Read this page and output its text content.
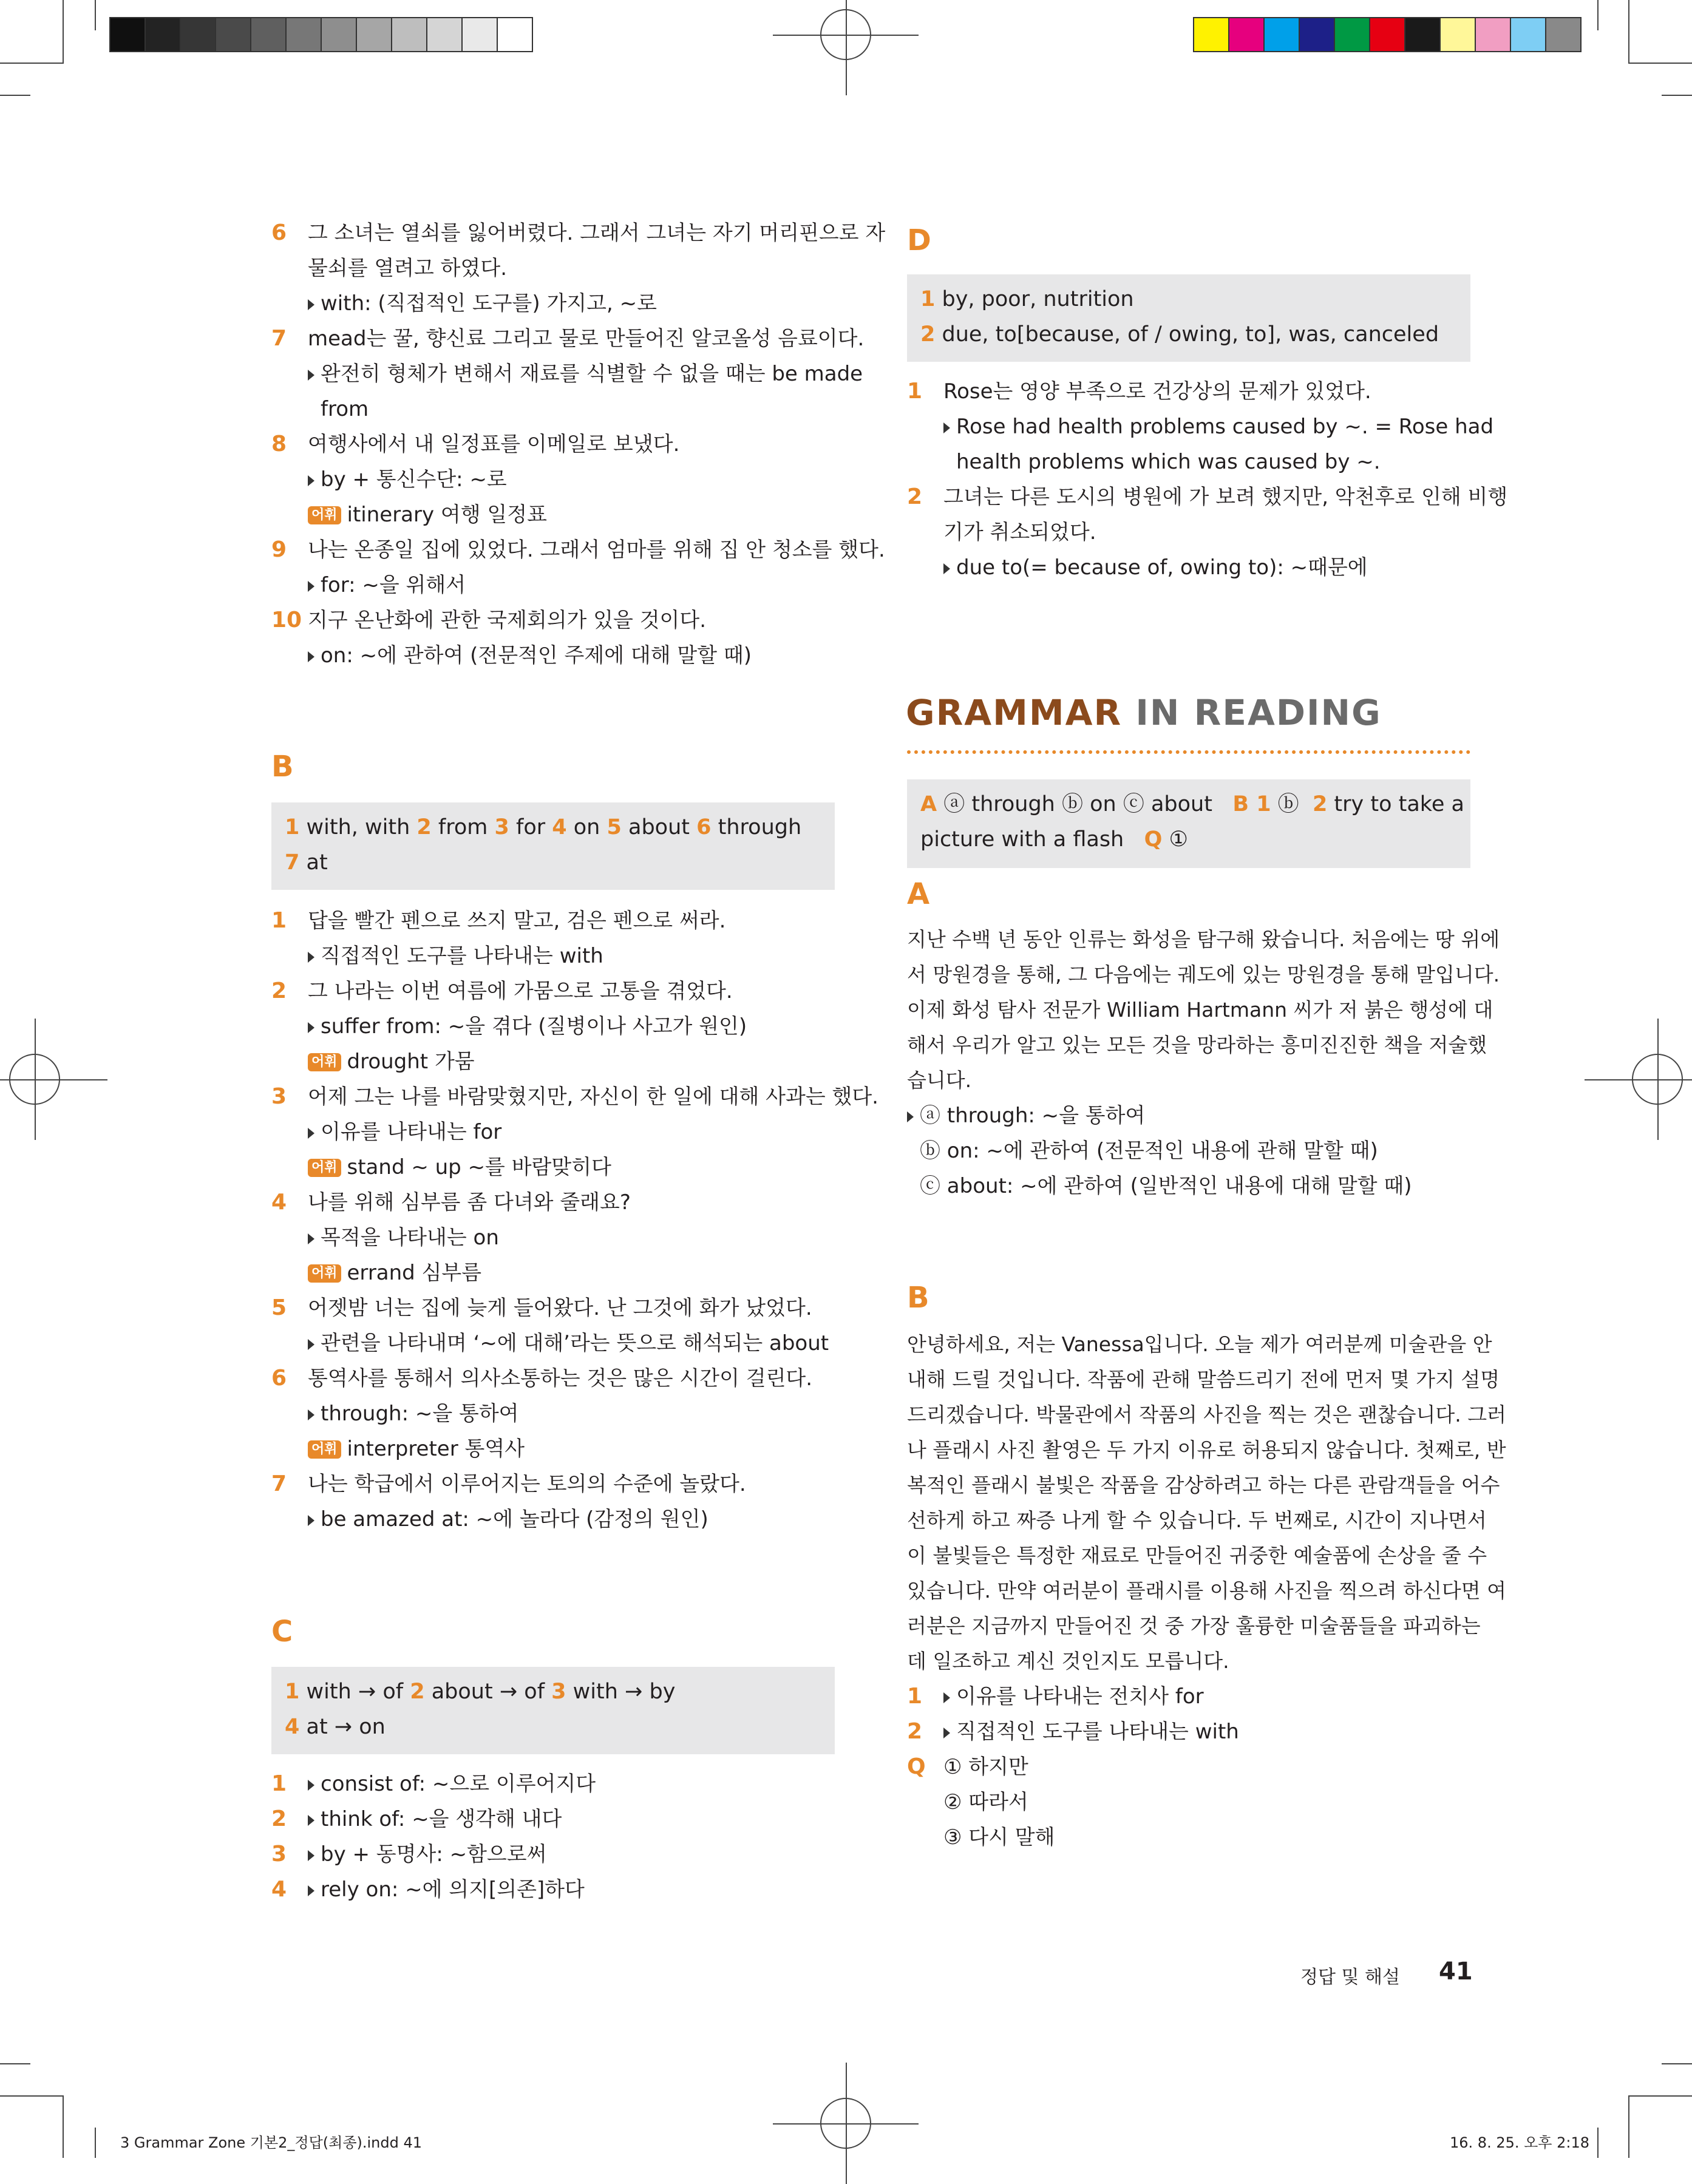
6 그 소녀는 열쇠를 잃어버렸다. 그래서 그녀는 자기 머리핀으로 자
물쇠를 열려고 하였다.
with: (직접적인 도구를) 가지고, ~로
7 mead는 꿀, 향신료 그리고 물로 만들어진 알코올성 음료이다.
완전히 형체가 변해서 재료를 식별할 수 없을 때는 be made
from
8 여행사에서 내 일정표를 이메일로 보냈다.
by + 통신수단: ~로
어휘 itinerary 여행 일정표
9 나는 온종일 집에 있었다. 그래서 엄마를 위해 집 안 청소를 했다.
for: ~을 위해서
10 지구 온난화에 관한 국제회의가 있을 것이다.
on: ~에 관하여 (전문적인 주제에 대해 말할 때)
B
1 with, with 2 from 3 for 4 on 5 about 6 through
7 at
1 답을 빨간 펜으로 쓰지 말고, 검은 펜으로 써라.
직접적인 도구를 나타내는 with
2 그 나라는 이번 여름에 가뭄으로 고통을 겪었다.
suffer from: ~을 겪다 (질병이나 사고가 원인)
어휘 drought 가뭄
3 어제 그는 나를 바람맞혔지만, 자신이 한 일에 대해 사과는 했다.
이유를 나타내는 for
어휘 stand ~ up ~를 바람맞히다
4 나를 위해 심부름 좀 다녀와 줄래요?
목적을 나타내는 on
어휘 errand 심부름
5 어젯밤 너는 집에 늦게 들어왔다. 난 그것에 화가 났었다.
관련을 나타내며 ‘~에 대해’라는 뜻으로 해석되는 about
6 통역사를 통해서 의사소통하는 것은 많은 시간이 걸린다.
through: ~을 통하여
어휘 interpreter 통역사
7 나는 학급에서 이루어지는 토의의 수준에 놀랐다.
be amazed at: ~에 놀라다 (감정의 원인)
C
1 with → of 2 about → of 3 with → by
4 at → on
1	consist of: ~으로 이루어지다
2	think of: ~을 생각해 내다
3	by + 동명사: ~함으로써
4	rely on: ~에 의지[의존]하다
D
1 by, poor, nutrition
2 due, to[because, of / owing, to], was, canceled
1 Rose는 영양 부족으로 건강상의 문제가 있었다.
Rose had health problems caused by ~. = Rose had
health problems which was caused by ~.
2 그녀는 다른 도시의 병원에 가 보려 했지만, 악천후로 인해 비행
기가 취소되었다.
due to(= because of, owing to): ~때문에
GRAMMAR IN READING
A ⓐ through ⓑ on ⓒ about   B 1 ⓑ  2 try to take a
picture with a flash   Q ①
A
지난 수백 년 동안 인류는 화성을 탐구해 왔습니다. 처음에는 땅 위에
서 망원경을 통해, 그 다음에는 궤도에 있는 망원경을 통해 말입니다.
이제 화성 탐사 전문가 William Hartmann 씨가 저 붉은 행성에 대
해서 우리가 알고 있는 모든 것을 망라하는 흥미진진한 책을 저술했
습니다.
ⓐ through: ~을 통하여
ⓑ on: ~에 관하여 (전문적인 내용에 관해 말할 때)
ⓒ about: ~에 관하여 (일반적인 내용에 대해 말할 때)
B
안녕하세요, 저는 Vanessa입니다. 오늘 제가 여러분께 미술관을 안
내해 드릴 것입니다. 작품에 관해 말씀드리기 전에 먼저 몇 가지 설명
드리겠습니다. 박물관에서 작품의 사진을 찍는 것은 괜찮습니다. 그러
나 플래시 사진 촬영은 두 가지 이유로 허용되지 않습니다. 첫째로, 반
복적인 플래시 불빛은 작품을 감상하려고 하는 다른 관람객들을 어수
선하게 하고 짜증 나게 할 수 있습니다. 두 번째로, 시간이 지나면서
이 불빛들은 특정한 재료로 만들어진 귀중한 예술품에 손상을 줄 수
있습니다. 만약 여러분이 플래시를 이용해 사진을 찍으려 하신다면 여
러분은 지금까지 만들어진 것 중 가장 훌륭한 미술품들을 파괴하는
데 일조하고 계신 것인지도 모릅니다.
1	이유를 나타내는 전치사 for
2	직접적인 도구를 나타내는 with
Q ① 하지만
② 따라서
③ 다시 말해
정답 및 해설 41
3 Grammar Zone 기본2_정답(최종).indd 41	16. 8. 25. 오후 2:18
